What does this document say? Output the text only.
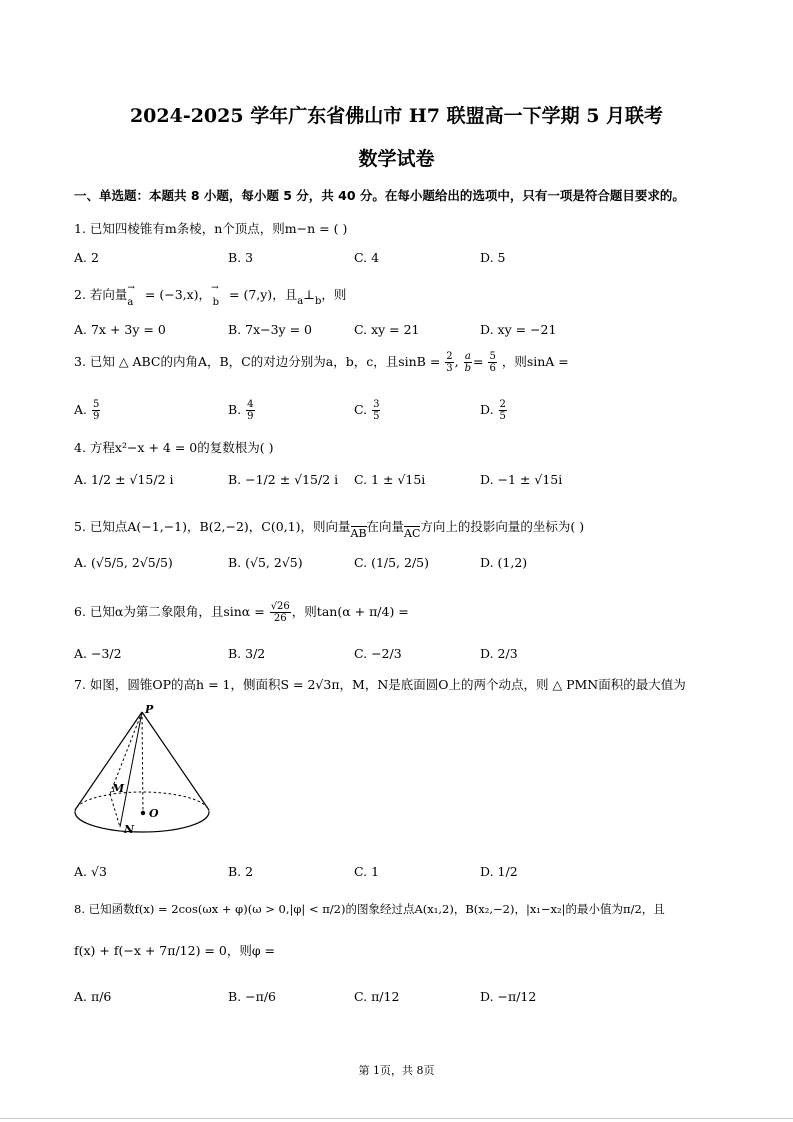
2024-2025 学年广东省佛山市 H7 联盟高一下学期 5 月联考
数学试卷
一、单选题：本题共 8 小题，每小题 5 分，共 40 分。在每小题给出的选项中，只有一项是符合题目要求的。
1. 已知四棱锥有m条棱，n个顶点，则m−n = ( )
A. 2	B. 3	C. 4	D. 5
2. 若向量$_a$→ = (−3,x)，→$_b$ = (7,y)，且$_a\perp_b$，则
A. 7x + 3y = 0	B. 7x−3y = 0	C. xy = 21	D. xy = −21
3. 已知 △ ABC的内角A，B，C的对边分别为a，b，c，且$\sin B = \frac{2}{3}$ , $\frac{a}{b} = \frac{5}{6}$ ，则sinA =
A. $\frac{5}{9}$	B. $\frac{4}{9}$	C. $\frac{3}{5}$	D. $\frac{2}{5}$
4. 方程x²−x + 4 = 0的复数根为( )
A. 1/2 ± √15/2 i	B. −1/2 ± √15/2 i C. 1 ± √15i	D. −1 ± √15i
5. 已知点A(−1,−1)，B(2,−2)，C(0,1)，则向量AB在向量AC方向上的投影向量的坐标为( )
A. (√5/5, 2√5/5)	B. (√5, 2√5)	C. (1/5, 2/5)	D. (1,2)
6. 已知α为第二象限角，且$\sin\alpha = \frac{√26}{26}$ ，则tan(α + π/4) =
A. −3/2	B. 3/2	C. −2/3	D. 2/3
7. 如图，圆锥OP的高h = 1，侧面积S = 2√3π，M，N是底面圆O上的两个动点，则 △ PMN面积的最大值为
P
M
N
O
A. √3	B. 2	C. 1	D. 1/2
8. 已知函数f(x) = 2cos(ωx + φ)(ω > 0,|φ| < π/2)的图象经过点A(x₁,2)，B(x₂,−2)，|x₁−x₂|的最小值为π/2，且
f(x) + f(−x + 7π/12) = 0，则φ =
A. π/6	B. −π/6	C. π/12	D. −π/12
第 1页，共 8页
